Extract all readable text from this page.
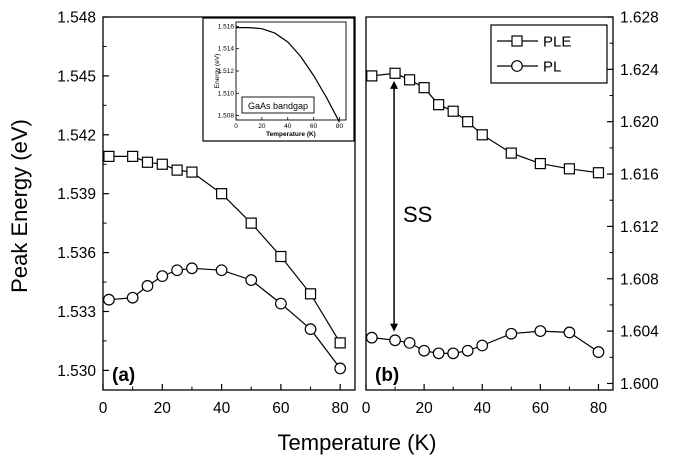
0	20	40	60	80
1.530
1.533
1.536
1.539
1.542
1.545
1.548
(a)
0	20	40	60	80
1.508
1.510
1.512
1.514
1.516
Temperature (K)
Energy (eV)
GaAs bandgap
0	20	40	60	80
1.600
1.604
1.608
1.612
1.616
1.620
1.624
1.628
(b)
SS
PLE
PL
Peak Energy (eV)
Temperature (K)
